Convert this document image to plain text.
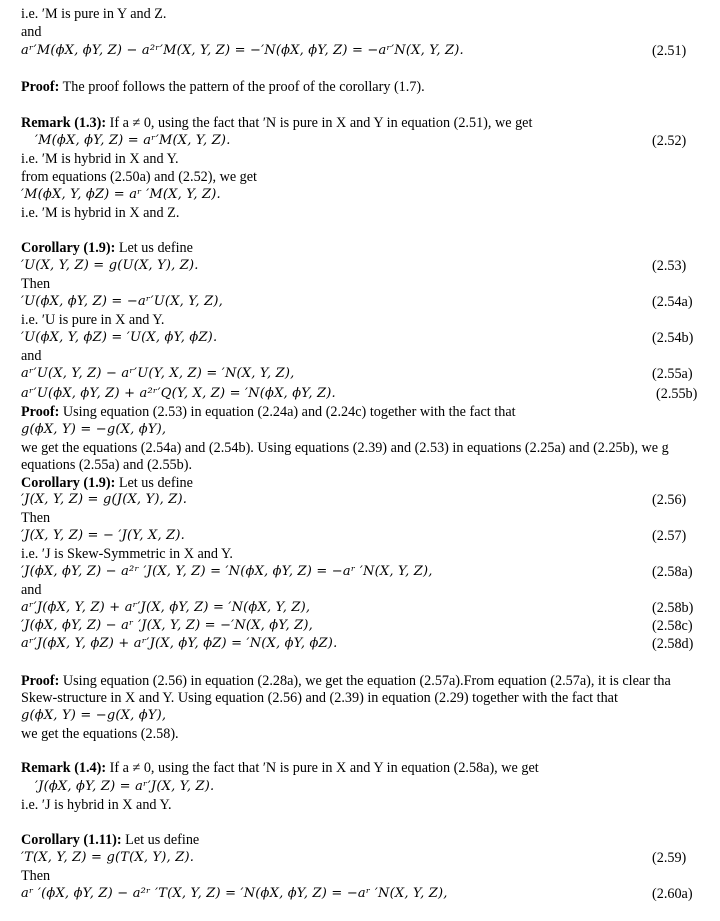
i.e. ′M is pure in Y and Z.
and
aʳ′M(ϕX, ϕY, Z) − a²ʳ′M(X, Y, Z) = −′N(ϕX, ϕY, Z) = −aʳ′N(X, Y, Z).	(2.51)
Proof: The proof follows the pattern of the proof of the corollary (1.7).
Remark (1.3): If a ≠ 0, using the fact that ′N is pure in X and Y in equation (2.51), we get
′M(ϕX, ϕY, Z) = aʳ′M(X, Y, Z).	(2.52)
i.e. ′M is hybrid in X and Y.
from equations (2.50a) and (2.52), we get
′M(ϕX, Y, ϕZ) = aʳ ′M(X, Y, Z).
i.e. ′M is hybrid in X and Z.
Corollary (1.9): Let us define
′U(X, Y, Z) = g(U(X, Y), Z).	(2.53)
Then
′U(ϕX, ϕY, Z) = −aʳ′U(X, Y, Z),	(2.54a)
i.e. ′U is pure in X and Y.
′U(ϕX, Y, ϕZ) = ′U(X, ϕY, ϕZ).	(2.54b)
and
aʳ′U(X, Y, Z) − aʳ′U(Y, X, Z) = ′N(X, Y, Z),	(2.55a)
aʳ′U(ϕX, ϕY, Z) + a²ʳ′Q(Y, X, Z) = ′N(ϕX, ϕY, Z).	(2.55b)
Proof: Using equation (2.53) in equation (2.24a) and (2.24c) together with the fact that
g(ϕX, Y) = −g(X, ϕY),
we get the equations (2.54a) and (2.54b). Using equations (2.39) and (2.53) in equations (2.25a) and (2.25b), we g
equations (2.55a) and (2.55b).
Corollary (1.9): Let us define
′J(X, Y, Z) = g(J(X, Y), Z).	(2.56)
Then
′J(X, Y, Z) = − ′J(Y, X, Z).	(2.57)
i.e. ′J is Skew-Symmetric in X and Y.
′J(ϕX, ϕY, Z) − a²ʳ ′J(X, Y, Z) = ′N(ϕX, ϕY, Z) = −aʳ ′N(X, Y, Z),	(2.58a)
and
aʳ′J(ϕX, Y, Z) + aʳ′J(X, ϕY, Z) = ′N(ϕX, Y, Z),	(2.58b)
′J(ϕX, ϕY, Z) − aʳ ′J(X, Y, Z) = −′N(X, ϕY, Z),	(2.58c)
aʳ′J(ϕX, Y, ϕZ) + aʳ′J(X, ϕY, ϕZ) = ′N(X, ϕY, ϕZ).	(2.58d)
Proof: Using equation (2.56) in equation (2.28a), we get the equation (2.57a).From equation (2.57a), it is clear tha
Skew-structure in X and Y. Using equation (2.56) and (2.39) in equation (2.29) together with the fact that
g(ϕX, Y) = −g(X, ϕY),
we get the equations (2.58).
Remark (1.4): If a ≠ 0, using the fact that ′N is pure in X and Y in equation (2.58a), we get
′J(ϕX, ϕY, Z) = aʳ′J(X, Y, Z).
i.e. ′J is hybrid in X and Y.
Corollary (1.11): Let us define
′T(X, Y, Z) = g(T(X, Y), Z).	(2.59)
Then
aʳ ′(ϕX, ϕY, Z) − a²ʳ ′T(X, Y, Z) = ′N(ϕX, ϕY, Z) = −aʳ ′N(X, Y, Z),	(2.60a)
